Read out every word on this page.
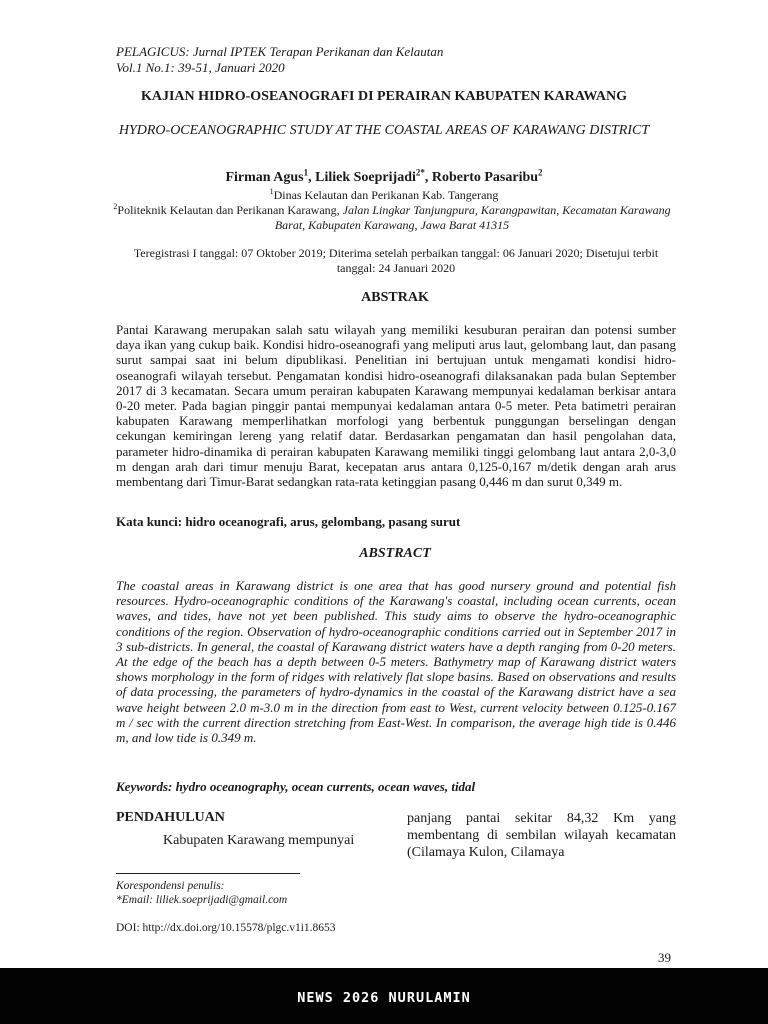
PELAGICUS: Jurnal IPTEK Terapan Perikanan dan Kelautan
Vol.1 No.1: 39-51, Januari 2020
KAJIAN HIDRO-OSEANOGRAFI DI PERAIRAN KABUPATEN KARAWANG
HYDRO-OCEANOGRAPHIC STUDY AT THE COASTAL AREAS OF KARAWANG DISTRICT
Firman Agus$^1$, Liliek Soeprijadi$^{2*}$, Roberto Pasaribu$^2$
$^1$Dinas Kelautan dan Perikanan Kab. Tangerang
$^2$Politeknik Kelautan dan Perikanan Karawang, Jalan Lingkar Tanjungpura, Karangpawitan, Kecamatan Karawang Barat, Kabupaten Karawang, Jawa Barat 41315
Teregistrasi I tanggal: 07 Oktober 2019; Diterima setelah perbaikan tanggal: 06 Januari 2020; Disetujui terbit tanggal: 24 Januari 2020
ABSTRAK
Pantai Karawang merupakan salah satu wilayah yang memiliki kesuburan perairan dan potensi sumber daya ikan yang cukup baik. Kondisi hidro-oseanografi yang meliputi arus laut, gelombang laut, dan pasang surut sampai saat ini belum dipublikasi. Penelitian ini bertujuan untuk mengamati kondisi hidro-oseanografi wilayah tersebut. Pengamatan kondisi hidro-oseanografi dilaksanakan pada bulan September 2017 di 3 kecamatan. Secara umum perairan kabupaten Karawang mempunyai kedalaman berkisar antara 0-20 meter. Pada bagian pinggir pantai mempunyai kedalaman antara 0-5 meter. Peta batimetri perairan kabupaten Karawang memperlihatkan morfologi yang berbentuk punggungan berselingan dengan cekungan kemiringan lereng yang relatif datar. Berdasarkan pengamatan dan hasil pengolahan data, parameter hidro-dinamika di perairan kabupaten Karawang memiliki tinggi gelombang laut antara 2,0-3,0 m dengan arah dari timur menuju Barat, kecepatan arus antara 0,125-0,167 m/detik dengan arah arus membentang dari Timur-Barat sedangkan rata-rata ketinggian pasang 0,446 m dan surut 0,349 m.
Kata kunci: hidro oceanografi, arus, gelombang, pasang surut
ABSTRACT
The coastal areas in Karawang district is one area that has good nursery ground and potential fish resources. Hydro-oceanographic conditions of the Karawang's coastal, including ocean currents, ocean waves, and tides, have not yet been published. This study aims to observe the hydro-oceanographic conditions of the region. Observation of hydro-oceanographic conditions carried out in September 2017 in 3 sub-districts. In general, the coastal of Karawang district waters have a depth ranging from 0-20 meters. At the edge of the beach has a depth between 0-5 meters. Bathymetry map of Karawang district waters shows morphology in the form of ridges with relatively flat slope basins. Based on observations and results of data processing, the parameters of hydro-dynamics in the coastal of the Karawang district have a sea wave height between 2.0 m-3.0 m in the direction from east to West, current velocity between 0.125-0.167 m / sec with the current direction stretching from East-West. In comparison, the average high tide is 0.446 m, and low tide is 0.349 m.
Keywords: hydro oceanography, ocean currents, ocean waves, tidal
PENDAHULUAN
Kabupaten Karawang mempunyai
panjang pantai sekitar 84,32 Km yang membentang di sembilan wilayah kecamatan (Cilamaya Kulon, Cilamaya
Korespondensi penulis:
*Email: liliek.soeprijadi@gmail.com
DOI: http://dx.doi.org/10.15578/plgc.v1i1.8653
39
NEWS 2026 NURULAMIN
